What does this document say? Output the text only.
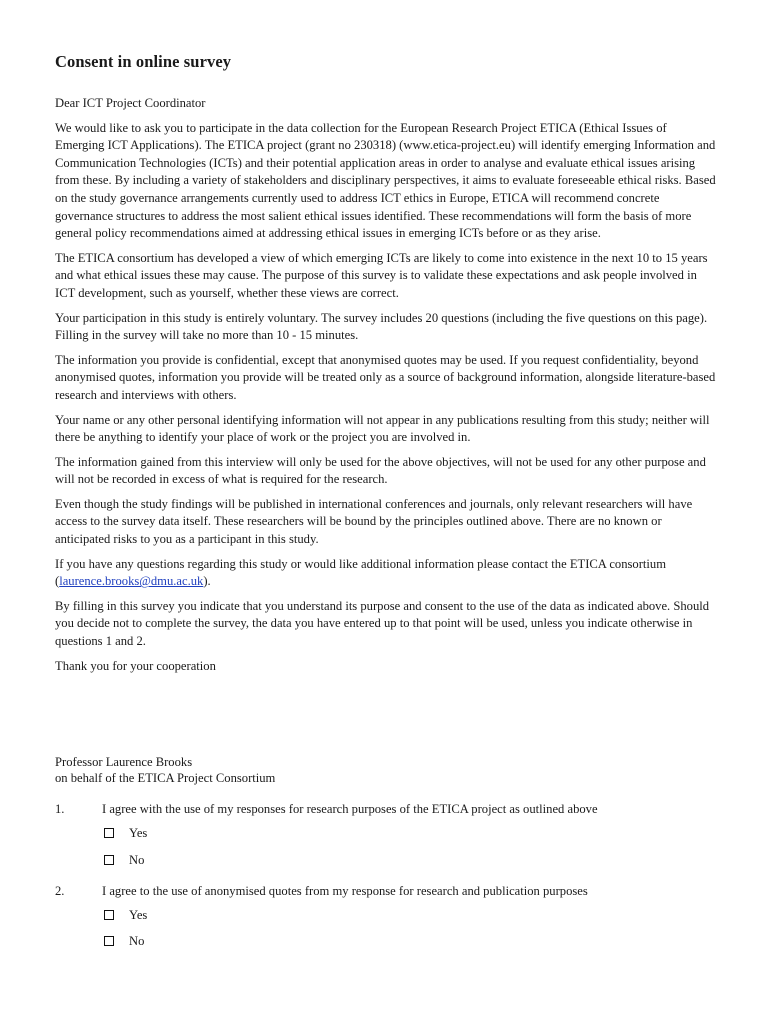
Consent in online survey

Dear ICT Project Coordinator

We would like to ask you to participate in the data collection for the European Research Project ETICA (Ethical Issues of Emerging ICT Applications). The ETICA project (grant no 230318) (www.etica-project.eu) will identify emerging Information and Communication Technologies (ICTs) and their potential application areas in order to analyse and evaluate ethical issues arising from these. By including a variety of stakeholders and disciplinary perspectives, it aims to evaluate foreseeable ethical risks. Based on the study governance arrangements currently used to address ICT ethics in Europe, ETICA will recommend concrete governance structures to address the most salient ethical issues identified. These recommendations will form the basis of more general policy recommendations aimed at addressing ethical issues in emerging ICTs before or as they arise.

The ETICA consortium has developed a view of which emerging ICTs are likely to come into existence in the next 10 to 15 years and what ethical issues these may cause. The purpose of this survey is to validate these expectations and ask people involved in ICT development, such as yourself, whether these views are correct.

Your participation in this study is entirely voluntary. The survey includes 20 questions (including the five questions on this page). Filling in the survey will take no more than 10 - 15 minutes.

The information you provide is confidential, except that anonymised quotes may be used. If you request confidentiality, beyond anonymised quotes, information you provide will be treated only as a source of background information, alongside literature-based research and interviews with others.

Your name or any other personal identifying information will not appear in any publications resulting from this study; neither will there be anything to identify your place of work or the project you are involved in.

The information gained from this interview will only be used for the above objectives, will not be used for any other purpose and will not be recorded in excess of what is required for the research.

Even though the study findings will be published in international conferences and journals, only relevant researchers will have access to the survey data itself. These researchers will be bound by the principles outlined above. There are no known or anticipated risks to you as a participant in this study.

If you have any questions regarding this study or would like additional information please contact the ETICA consortium (laurence.brooks@dmu.ac.uk).

By filling in this survey you indicate that you understand its purpose and consent to the use of the data as indicated above. Should you decide not to complete the survey, the data you have entered up to that point will be used, unless you indicate otherwise in questions 1 and 2.

Thank you for your cooperation

Professor Laurence Brooks
on behalf of the ETICA Project Consortium
1.	I agree with the use of my responses for research purposes of the ETICA project as outlined above
Yes
No
2.	I agree to the use of anonymised quotes from my response for research and publication purposes
Yes
No
